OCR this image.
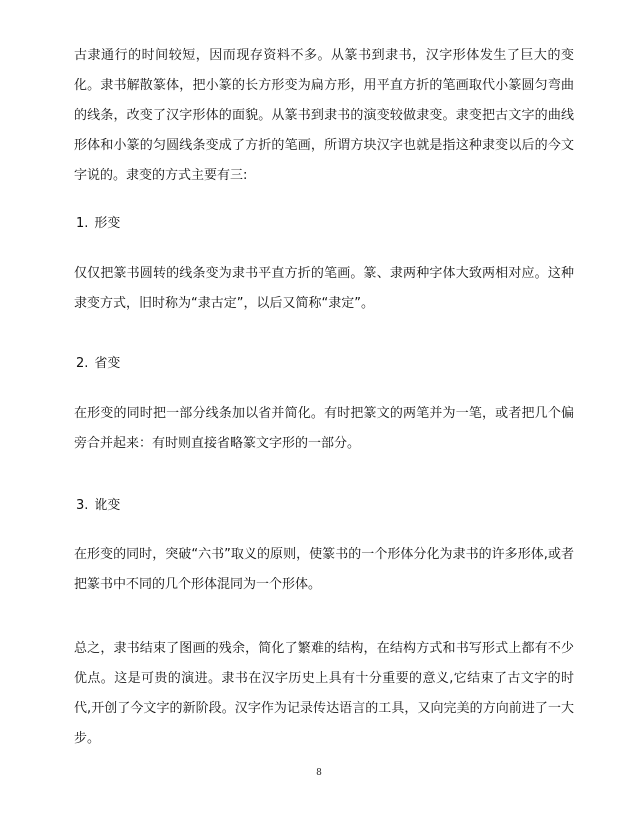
古隶通行的时间较短，因而现存资料不多。从篆书到隶书，汉字形体发生了巨大的变化。隶书解散篆体，把小篆的长方形变为扁方形，用平直方折的笔画取代小篆圆匀弯曲的线条，改变了汉字形体的面貌。从篆书到隶书的演变较做隶变。隶变把古文字的曲线形体和小篆的匀圆线条变成了方折的笔画，所谓方块汉字也就是指这种隶变以后的今文字说的。隶变的方式主要有三:

1. 形变

仅仅把篆书圆转的线条变为隶书平直方折的笔画。篆、隶两种字体大致两相对应。这种隶变方式，旧时称为“隶古定”，以后又简称“隶定”。

2. 省变

在形变的同时把一部分线条加以省并简化。有时把篆文的两笔并为一笔，或者把几个偏旁合并起来：有时则直接省略篆文字形的一部分。

3. 讹变

在形变的同时，突破“六书”取义的原则，使篆书的一个形体分化为隶书的许多形体,或者把篆书中不同的几个形体混同为一个形体。

总之，隶书结束了图画的残余，简化了繁难的结构，在结构方式和书写形式上都有不少优点。这是可贵的演进。隶书在汉字历史上具有十分重要的意义,它结束了古文字的时代,开创了今文字的新阶段。汉字作为记录传达语言的工具，又向完美的方向前进了一大步。

8
